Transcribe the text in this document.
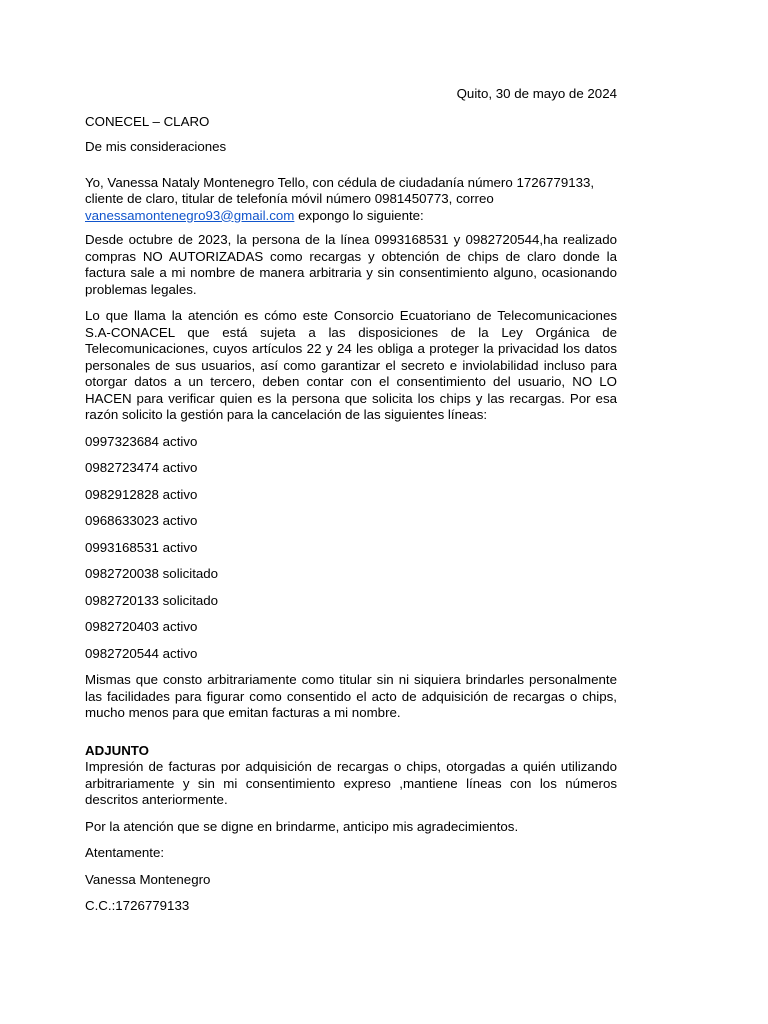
Quito, 30 de mayo de 2024

CONECEL – CLARO

De mis consideraciones

Yo, Vanessa Nataly Montenegro Tello, con cédula de ciudadanía número 1726779133,
cliente de claro, titular de telefonía móvil número 0981450773, correo
vanessamontenegro93@gmail.com expongo lo siguiente:

Desde octubre de 2023, la persona de la línea 0993168531 y 0982720544,ha realizado compras NO AUTORIZADAS como recargas y obtención de chips de claro donde la factura sale a mi nombre de manera arbitraria y sin consentimiento alguno, ocasionando problemas legales.

Lo que llama la atención es cómo este Consorcio Ecuatoriano de Telecomunicaciones S.A-CONACEL que está sujeta a las disposiciones de la Ley Orgánica de Telecomunicaciones, cuyos artículos 22 y 24 les obliga a proteger la privacidad los datos personales de sus usuarios, así como garantizar el secreto e inviolabilidad incluso para otorgar datos a un tercero, deben contar con el consentimiento del usuario, NO LO HACEN para verificar quien es la persona que solicita los chips y las recargas. Por esa razón solicito la gestión para la cancelación de las siguientes líneas:

0997323684 activo

0982723474 activo

0982912828 activo

0968633023 activo

0993168531 activo

0982720038 solicitado

0982720133 solicitado

0982720403 activo

0982720544 activo

Mismas que consto arbitrariamente como titular sin ni siquiera brindarles personalmente las facilidades para figurar como consentido el acto de adquisición de recargas o chips, mucho menos para que emitan facturas a mi nombre.

ADJUNTO

Impresión de facturas por adquisición de recargas o chips, otorgadas a quién utilizando arbitrariamente y sin mi consentimiento expreso ,mantiene líneas con los números descritos anteriormente.

Por la atención que se digne en brindarme, anticipo mis agradecimientos.

Atentamente:

Vanessa Montenegro

C.C.:1726779133
